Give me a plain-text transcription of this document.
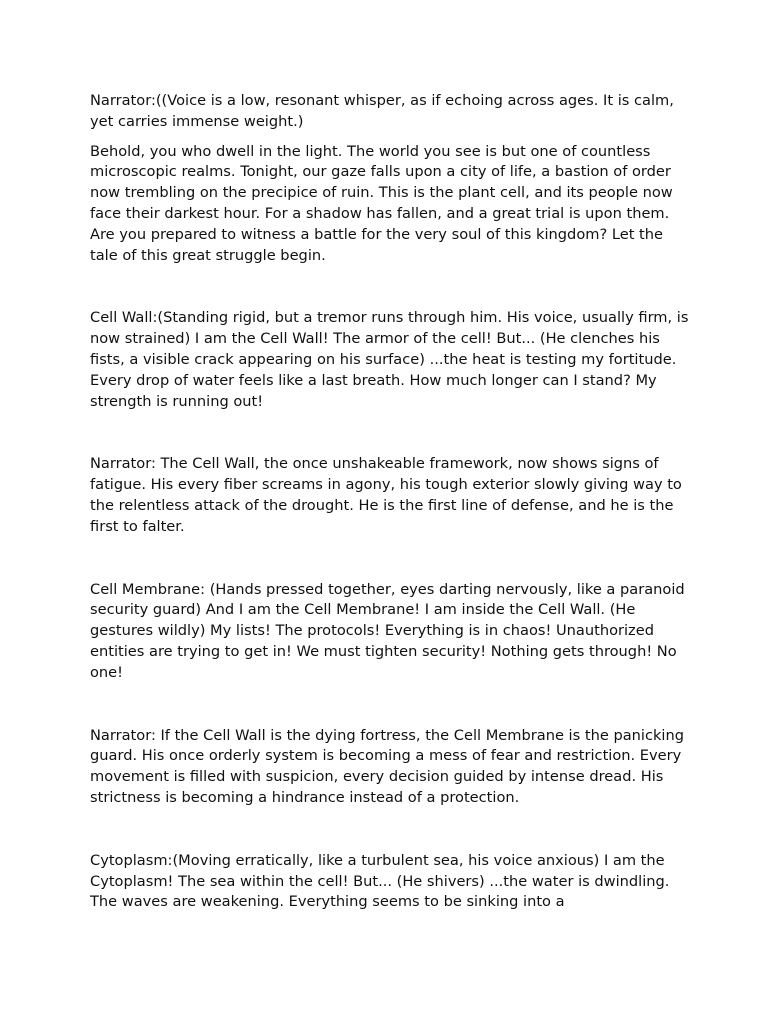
Narrator:((Voice is a low, resonant whisper, as if echoing across ages. It is calm, yet carries immense weight.)

Behold, you who dwell in the light. The world you see is but one of countless microscopic realms. Tonight, our gaze falls upon a city of life, a bastion of order now trembling on the precipice of ruin. This is the plant cell, and its people now face their darkest hour. For a shadow has fallen, and a great trial is upon them. Are you prepared to witness a battle for the very soul of this kingdom? Let the tale of this great struggle begin.

Cell Wall:(Standing rigid, but a tremor runs through him. His voice, usually firm, is now strained) I am the Cell Wall! The armor of the cell! But... (He clenches his fists, a visible crack appearing on his surface) ...the heat is testing my fortitude. Every drop of water feels like a last breath. How much longer can I stand? My strength is running out!

Narrator: The Cell Wall, the once unshakeable framework, now shows signs of fatigue. His every fiber screams in agony, his tough exterior slowly giving way to the relentless attack of the drought. He is the first line of defense, and he is the first to falter.

Cell Membrane: (Hands pressed together, eyes darting nervously, like a paranoid security guard) And I am the Cell Membrane! I am inside the Cell Wall. (He gestures wildly) My lists! The protocols! Everything is in chaos! Unauthorized entities are trying to get in! We must tighten security! Nothing gets through! No one!

Narrator: If the Cell Wall is the dying fortress, the Cell Membrane is the panicking guard. His once orderly system is becoming a mess of fear and restriction. Every movement is filled with suspicion, every decision guided by intense dread. His strictness is becoming a hindrance instead of a protection.

Cytoplasm:(Moving erratically, like a turbulent sea, his voice anxious) I am the Cytoplasm! The sea within the cell! But... (He shivers) ...the water is dwindling. The waves are weakening. Everything seems to be sinking into a
